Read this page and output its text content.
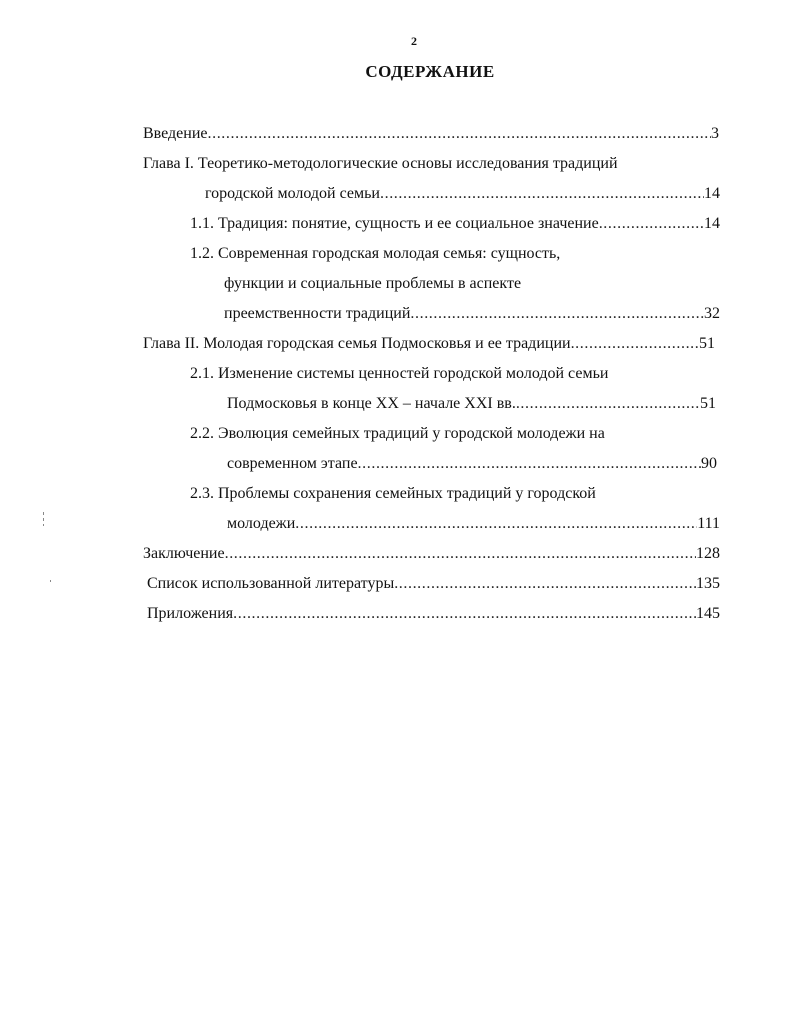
2
СОДЕРЖАНИЕ
Введение .....	3
Глава I. Теоретико-методологические основы исследования традиций
городской молодой семьи .....	14
1.1. Традиция: понятие, сущность и ее социальное значение .....	14
1.2. Современная городская молодая семья: сущность,
функции и социальные проблемы в аспекте
преемственности традиций .....	32
Глава II. Молодая городская семья Подмосковья и ее традиции .....	51
2.1. Изменение системы ценностей городской молодой семьи
Подмосковья в конце XX – начале XXI вв. .....	51
2.2. Эволюция семейных традиций у городской молодежи на
современном этапе .....	90
2.3. Проблемы сохранения семейных традиций у городской
молодежи .....	111
Заключение .....	128
Список использованной литературы .....	135
Приложения .....	145
